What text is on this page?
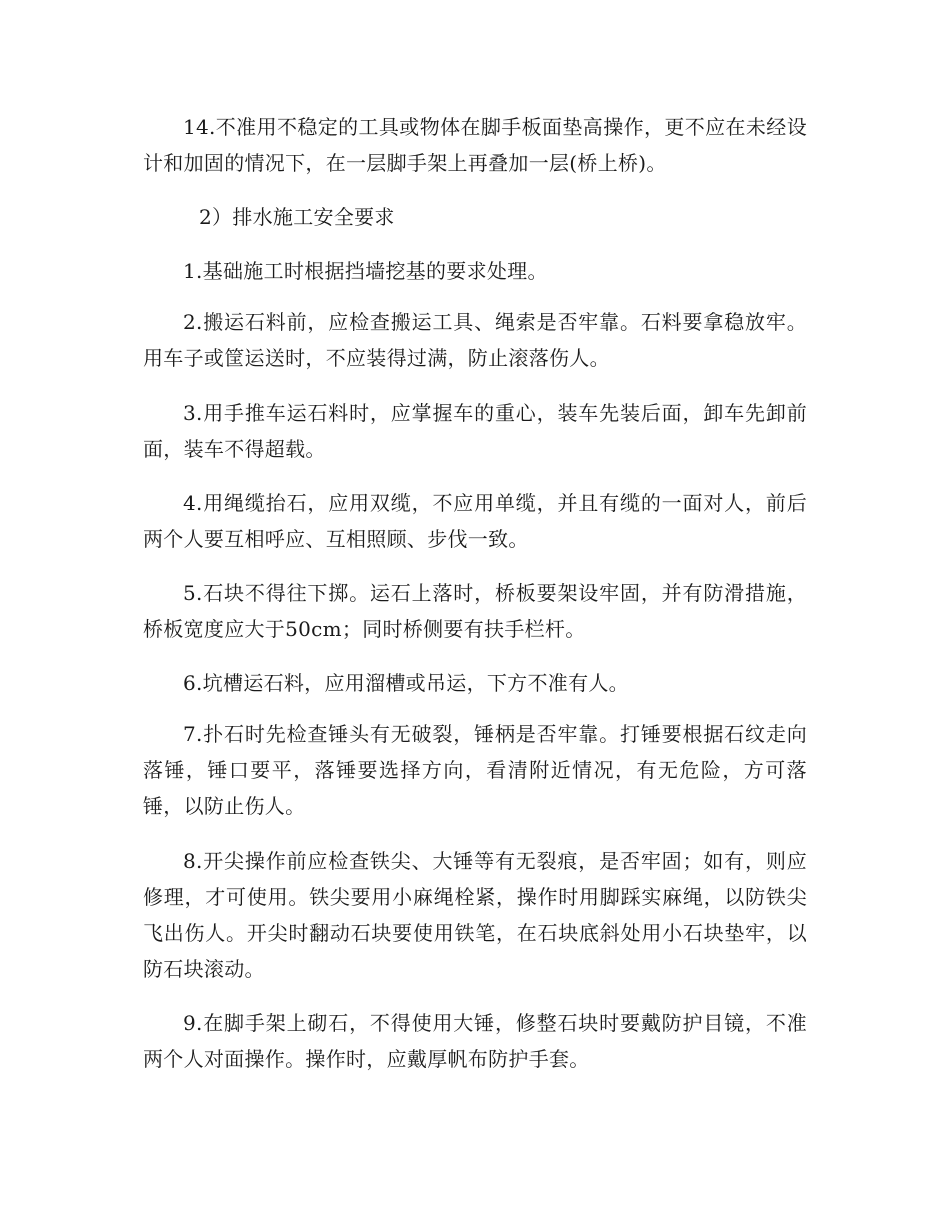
14.不准用不稳定的工具或物体在脚手板面垫高操作，更不应在未经设计和加固的情况下，在一层脚手架上再叠加一层(桥上桥)。

2）排水施工安全要求

1.基础施工时根据挡墙挖基的要求处理。

2.搬运石料前，应检查搬运工具、绳索是否牢靠。石料要拿稳放牢。用车子或筐运送时，不应装得过满，防止滚落伤人。

3.用手推车运石料时，应掌握车的重心，装车先装后面，卸车先卸前面，装车不得超载。

4.用绳缆抬石，应用双缆，不应用单缆，并且有缆的一面对人，前后两个人要互相呼应、互相照顾、步伐一致。

5.石块不得往下掷。运石上落时，桥板要架设牢固，并有防滑措施，桥板宽度应大于50cm；同时桥侧要有扶手栏杆。

6.坑槽运石料，应用溜槽或吊运，下方不准有人。

7.扑石时先检查锤头有无破裂，锤柄是否牢靠。打锤要根据石纹走向落锤，锤口要平，落锤要选择方向，看清附近情况，有无危险，方可落锤，以防止伤人。

8.开尖操作前应检查铁尖、大锤等有无裂痕，是否牢固；如有，则应修理，才可使用。铁尖要用小麻绳栓紧，操作时用脚踩实麻绳，以防铁尖飞出伤人。开尖时翻动石块要使用铁笔，在石块底斜处用小石块垫牢，以防石块滚动。

9.在脚手架上砌石，不得使用大锤，修整石块时要戴防护目镜，不准两个人对面操作。操作时，应戴厚帆布防护手套。
